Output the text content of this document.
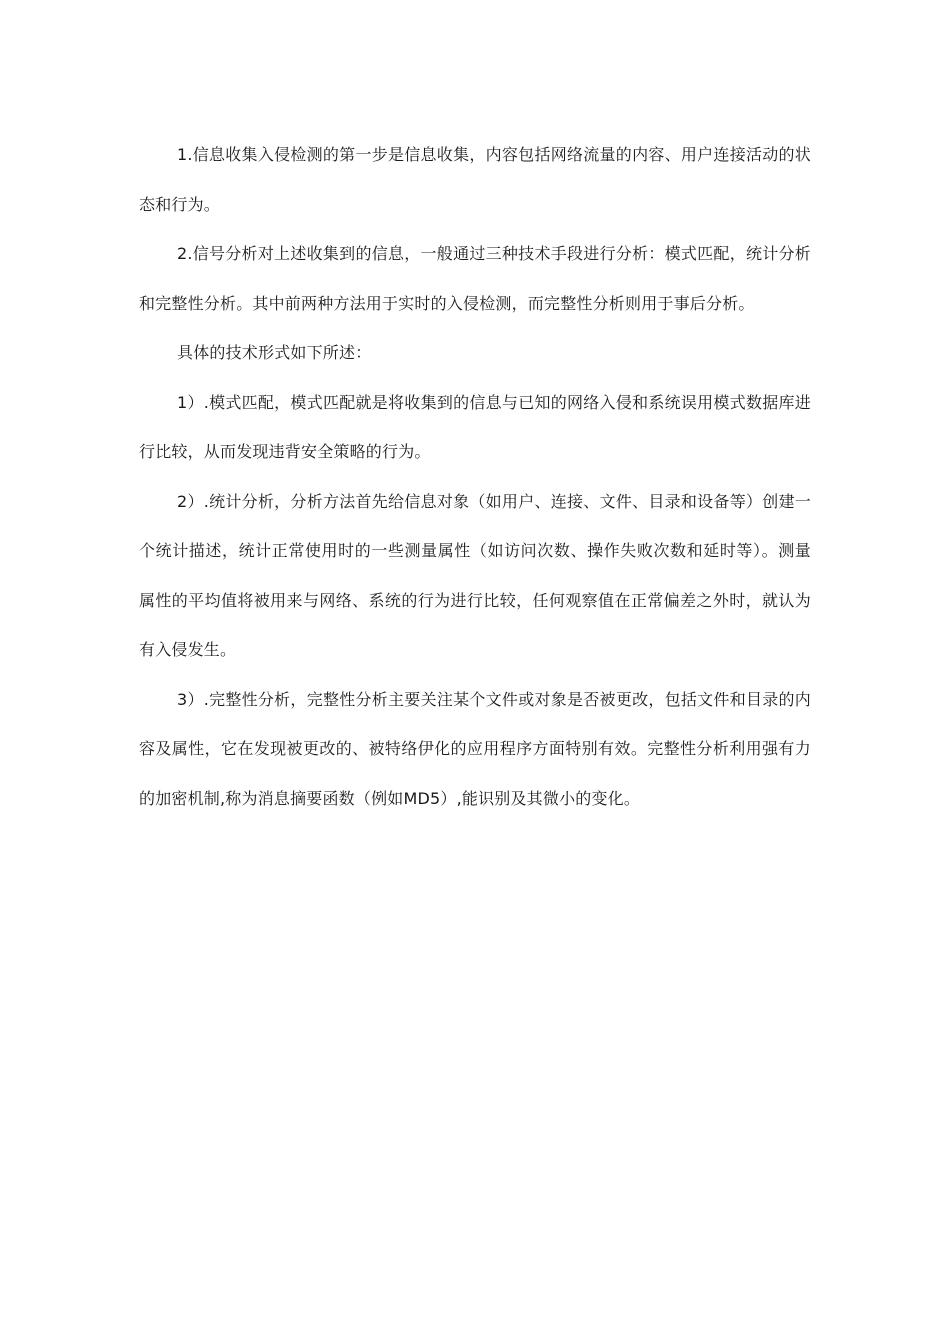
1.信息收集入侵检测的第一步是信息收集，内容包括网络流量的内容、用户连接活动的状态和行为。

2.信号分析对上述收集到的信息，一般通过三种技术手段进行分析：模式匹配，统计分析和完整性分析。其中前两种方法用于实时的入侵检测，而完整性分析则用于事后分析。

具体的技术形式如下所述：

1）.模式匹配，模式匹配就是将收集到的信息与已知的网络入侵和系统误用模式数据库进行比较，从而发现违背安全策略的行为。

2）.统计分析，分析方法首先给信息对象（如用户、连接、文件、目录和设备等）创建一个统计描述，统计正常使用时的一些测量属性（如访问次数、操作失败次数和延时等）。测量属性的平均值将被用来与网络、系统的行为进行比较，任何观察值在正常偏差之外时，就认为有入侵发生。

3）.完整性分析，完整性分析主要关注某个文件或对象是否被更改，包括文件和目录的内容及属性，它在发现被更改的、被特络伊化的应用程序方面特别有效。完整性分析利用强有力的加密机制,称为消息摘要函数（例如MD5）,能识别及其微小的变化。
